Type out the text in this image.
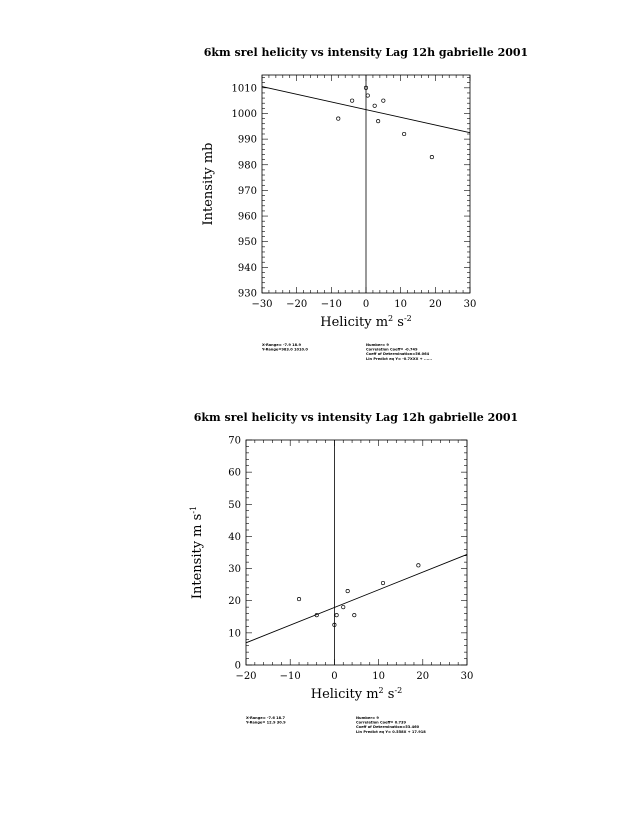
−30 −20 −10 0	10 20 30
930
940
950
960
970
980
990
1000
1010
6km srel helicity vs intensity Lag 12h gabrielle 2001
Helicity $m^2$ $s^{-2}$
Intensity mb
X-Range= -7.9 18.9
Y-Range=983.0 1010.0
Number= 9
Correlation Coeff= -0.749
Coeff of Determination=56.064
Lin Predict eq Y= -0.7XXX + ......
−20 −10	0	10	20	30
0
10
20
30
40
50
60
70
6km srel helicity vs intensity Lag 12h gabrielle 2001
Helicity $m^2$ $s^{-2}$
Intensity m $s^{-1}$
X-Range= -7.6 18.7
Y-Range= 12.9 30.9
Number= 9
Correlation Coeff= 0.739
Coeff of Determination=53.460
Lin Predict eq Y= 0.558X + 17.918
